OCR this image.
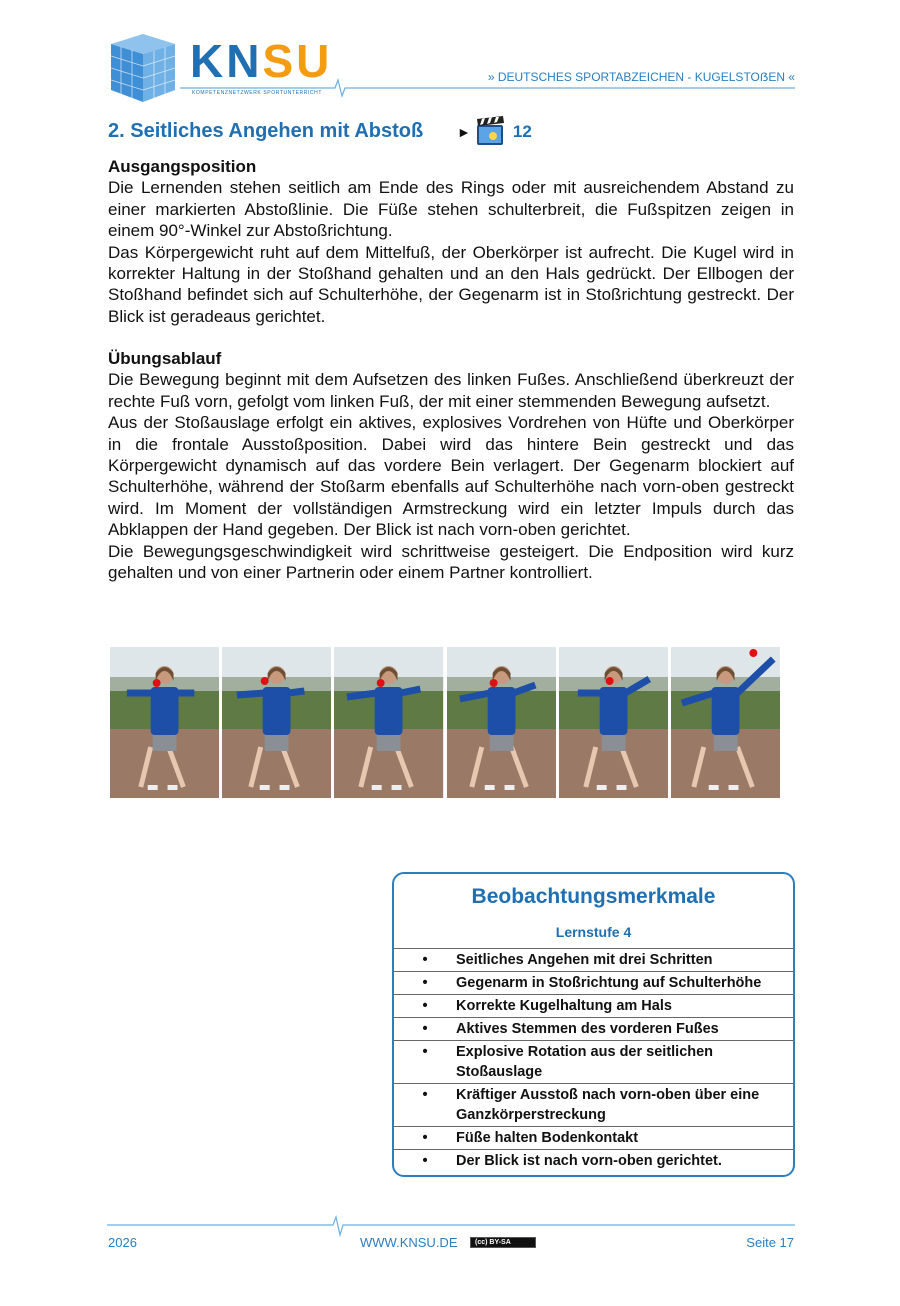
KNSU
KOMPETENZNETZWERK SPORTUNTERRICHT
» DEUTSCHES SPORTABZEICHEN - KUGELSTOẞEN «
2. Seitliches Angehen mit Abstoß ► 12
Ausgangsposition

Die Lernenden stehen seitlich am Ende des Rings oder mit ausreichendem Abstand zu einer markierten Abstoßlinie. Die Füße stehen schulterbreit, die Fußspitzen zeigen in einem 90°-Winkel zur Abstoßrichtung.

Das Körpergewicht ruht auf dem Mittelfuß, der Oberkörper ist aufrecht. Die Kugel wird in korrekter Haltung in der Stoßhand gehalten und an den Hals gedrückt. Der Ellbogen der Stoßhand befindet sich auf Schulterhöhe, der Gegenarm ist in Stoßrichtung gestreckt. Der Blick ist geradeaus gerichtet.

Übungsablauf

Die Bewegung beginnt mit dem Aufsetzen des linken Fußes. Anschließend überkreuzt der rechte Fuß vorn, gefolgt vom linken Fuß, der mit einer stemmenden Bewegung aufsetzt.

Aus der Stoßauslage erfolgt ein aktives, explosives Vordrehen von Hüfte und Oberkörper in die frontale Ausstoßposition. Dabei wird das hintere Bein gestreckt und das Körpergewicht dynamisch auf das vordere Bein verlagert. Der Gegenarm blockiert auf Schulterhöhe, während der Stoßarm ebenfalls auf Schulterhöhe nach vorn-oben gestreckt wird. Im Moment der vollständigen Armstreckung wird ein letzter Impuls durch das Abklappen der Hand gegeben. Der Blick ist nach vorn-oben gerichtet.

Die Bewegungsgeschwindigkeit wird schrittweise gesteigert. Die Endposition wird kurz gehalten und von einer Partnerin oder einem Partner kontrolliert.

Beobachtungsmerkmale
Lernstufe 4
•	Seitliches Angehen mit drei Schritten
•	Gegenarm in Stoßrichtung auf Schulterhöhe
•	Korrekte Kugelhaltung am Hals
•	Aktives Stemmen des vorderen Fußes
•	Explosive Rotation aus der seitlichen Stoßauslage
•	Kräftiger Ausstoß nach vorn-oben über eine Ganzkörperstreckung
•	Füße halten Bodenkontakt
•	Der Blick ist nach vorn-oben gerichtet.
2026	WWW.KNSU.DE	(cc) BY-SA	Seite 17
